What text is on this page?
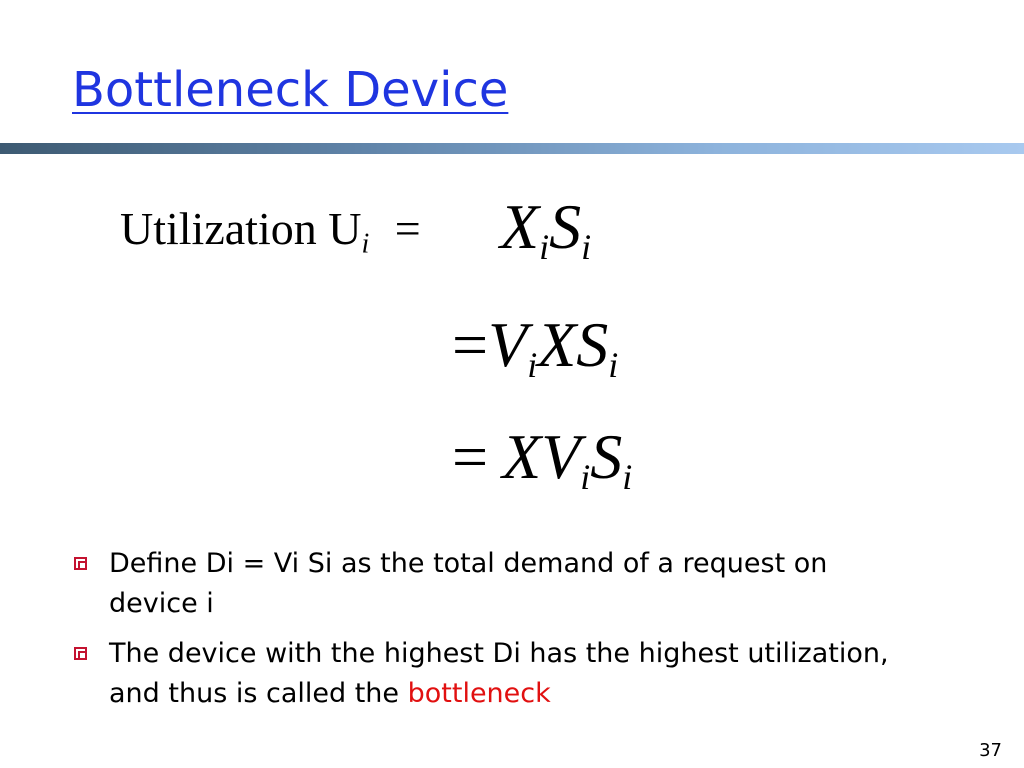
Bottleneck Device
Utilization $U_i = X_iS_i$
$=V_iXS_i$
= $XV_iS_i$
Define Di = Vi Si as the total demand of a request on device i
The device with the highest Di has the highest utilization, and thus is called the bottleneck
37
